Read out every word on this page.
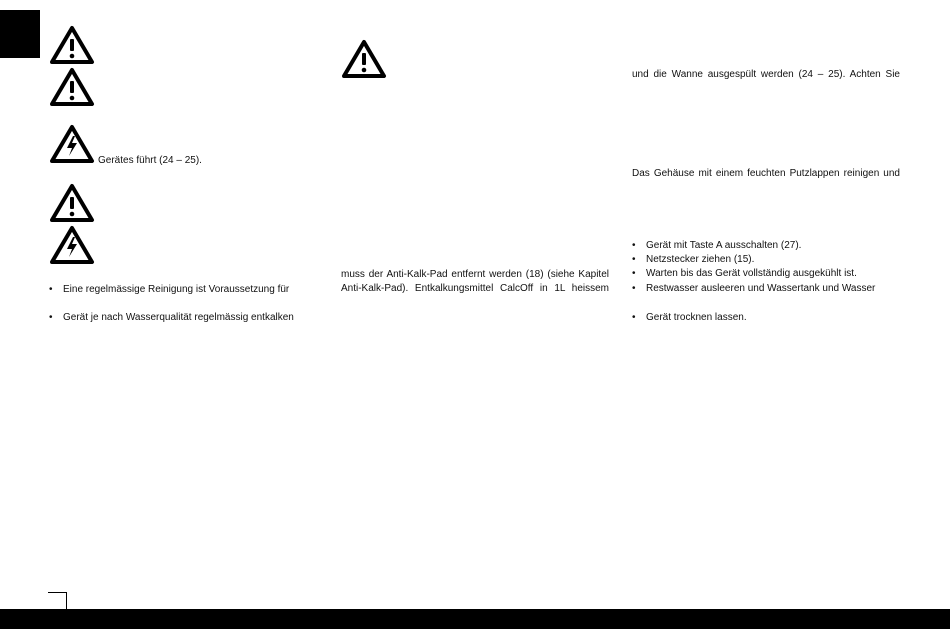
Gerätes führt (24 – 25).
• Eine regelmässige Reinigung ist Voraussetzung für
• Gerät je nach Wasserqualität regelmässig entkalken
muss der Anti-Kalk-Pad entfernt werden (18) (siehe Kapitel
Anti-Kalk-Pad). Entkalkungsmittel CalcOff in 1L heissem
und die Wanne ausgespült werden (24 – 25). Achten Sie
Das Gehäuse mit einem feuchten Putzlappen reinigen und
• Gerät mit Taste A ausschalten (27).
• Netzstecker ziehen (15).
• Warten bis das Gerät vollständig ausgekühlt ist.
• Restwasser ausleeren und Wassertank und Wasser
• Gerät trocknen lassen.
